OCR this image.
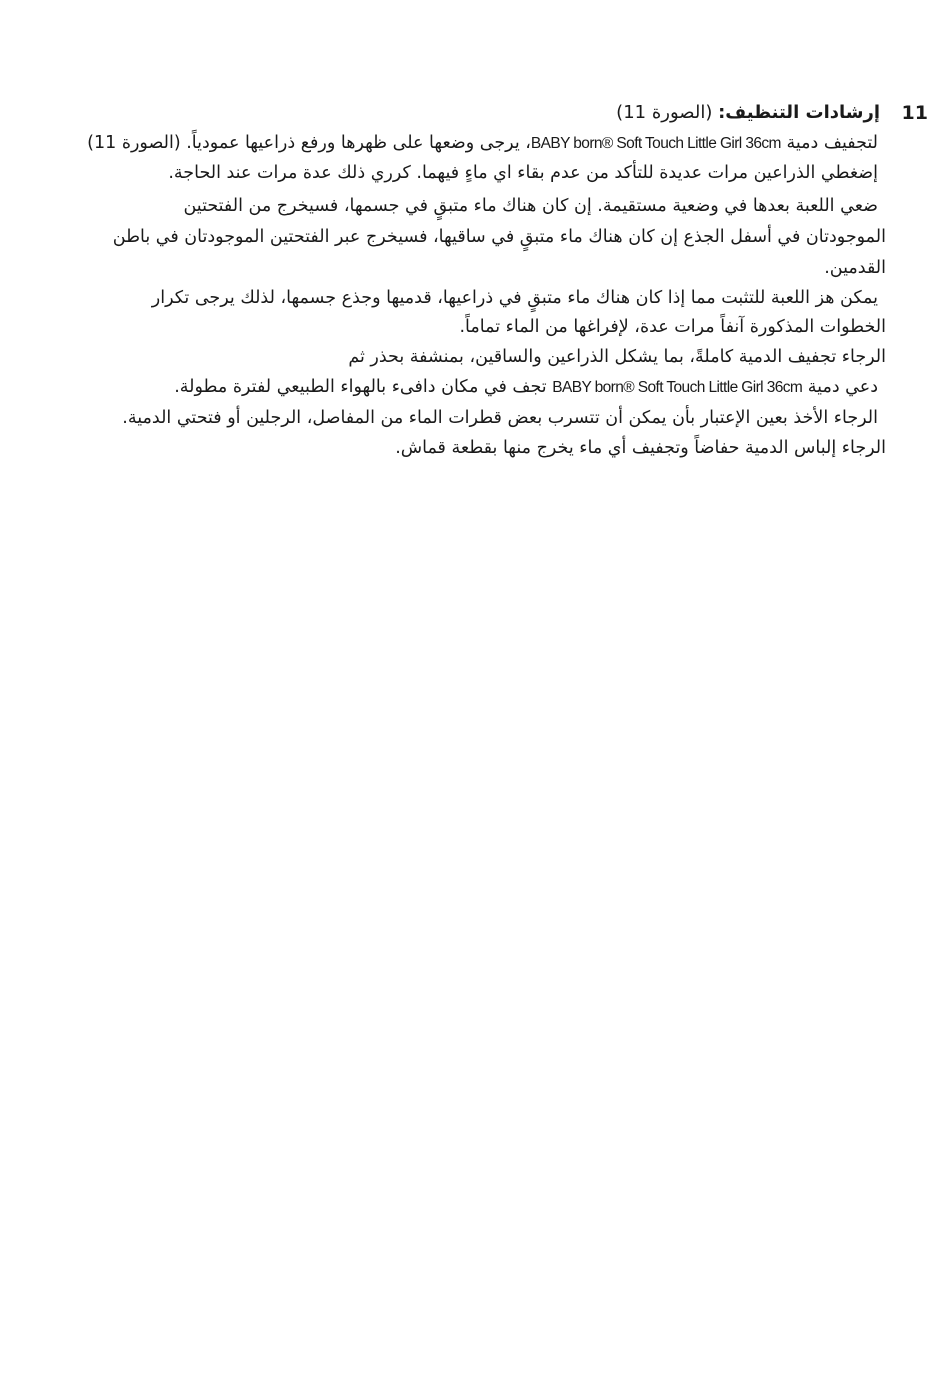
11
إرشادات التنظيف: (الصورة 11)
لتجفيف دمية BABY born® Soft Touch Little Girl 36cm، يرجى وضعها على ظهرها ورفع ذراعيها عمودياً. (الصورة 11)
إضغطي الذراعين مرات عديدة للتأكد من عدم بقاء اي ماءٍ فيهما. كرري ذلك عدة مرات عند الحاجة.
ضعي اللعبة بعدها في وضعية مستقيمة. إن كان هناك ماء متبقٍ في جسمها، فسيخرج من الفتحتين
الموجودتان في أسفل الجذع إن كان هناك ماء متبقٍ في ساقيها، فسيخرج عبر الفتحتين الموجودتان في باطن
القدمين.
يمكن هز اللعبة للتثبت مما إذا كان هناك ماء متبقٍ في ذراعيها، قدميها وجذع جسمها، لذلك يرجى تكرار
الخطوات المذكورة آنفاً مرات عدة، لإفراغها من الماء تماماً.
الرجاء تجفيف الدمية كاملةً، بما يشكل الذراعين والساقين، بمنشفة بحذر ثم
دعي دمية BABY born® Soft Touch Little Girl 36cm تجف في مكان دافىء بالهواء الطبيعي لفترة مطولة.
الرجاء الأخذ بعين الإعتبار بأن يمكن أن تتسرب بعض قطرات الماء من المفاصل، الرجلين أو فتحتي الدمية.
الرجاء إلباس الدمية حفاضاً وتجفيف أي ماء يخرج منها بقطعة قماش.
